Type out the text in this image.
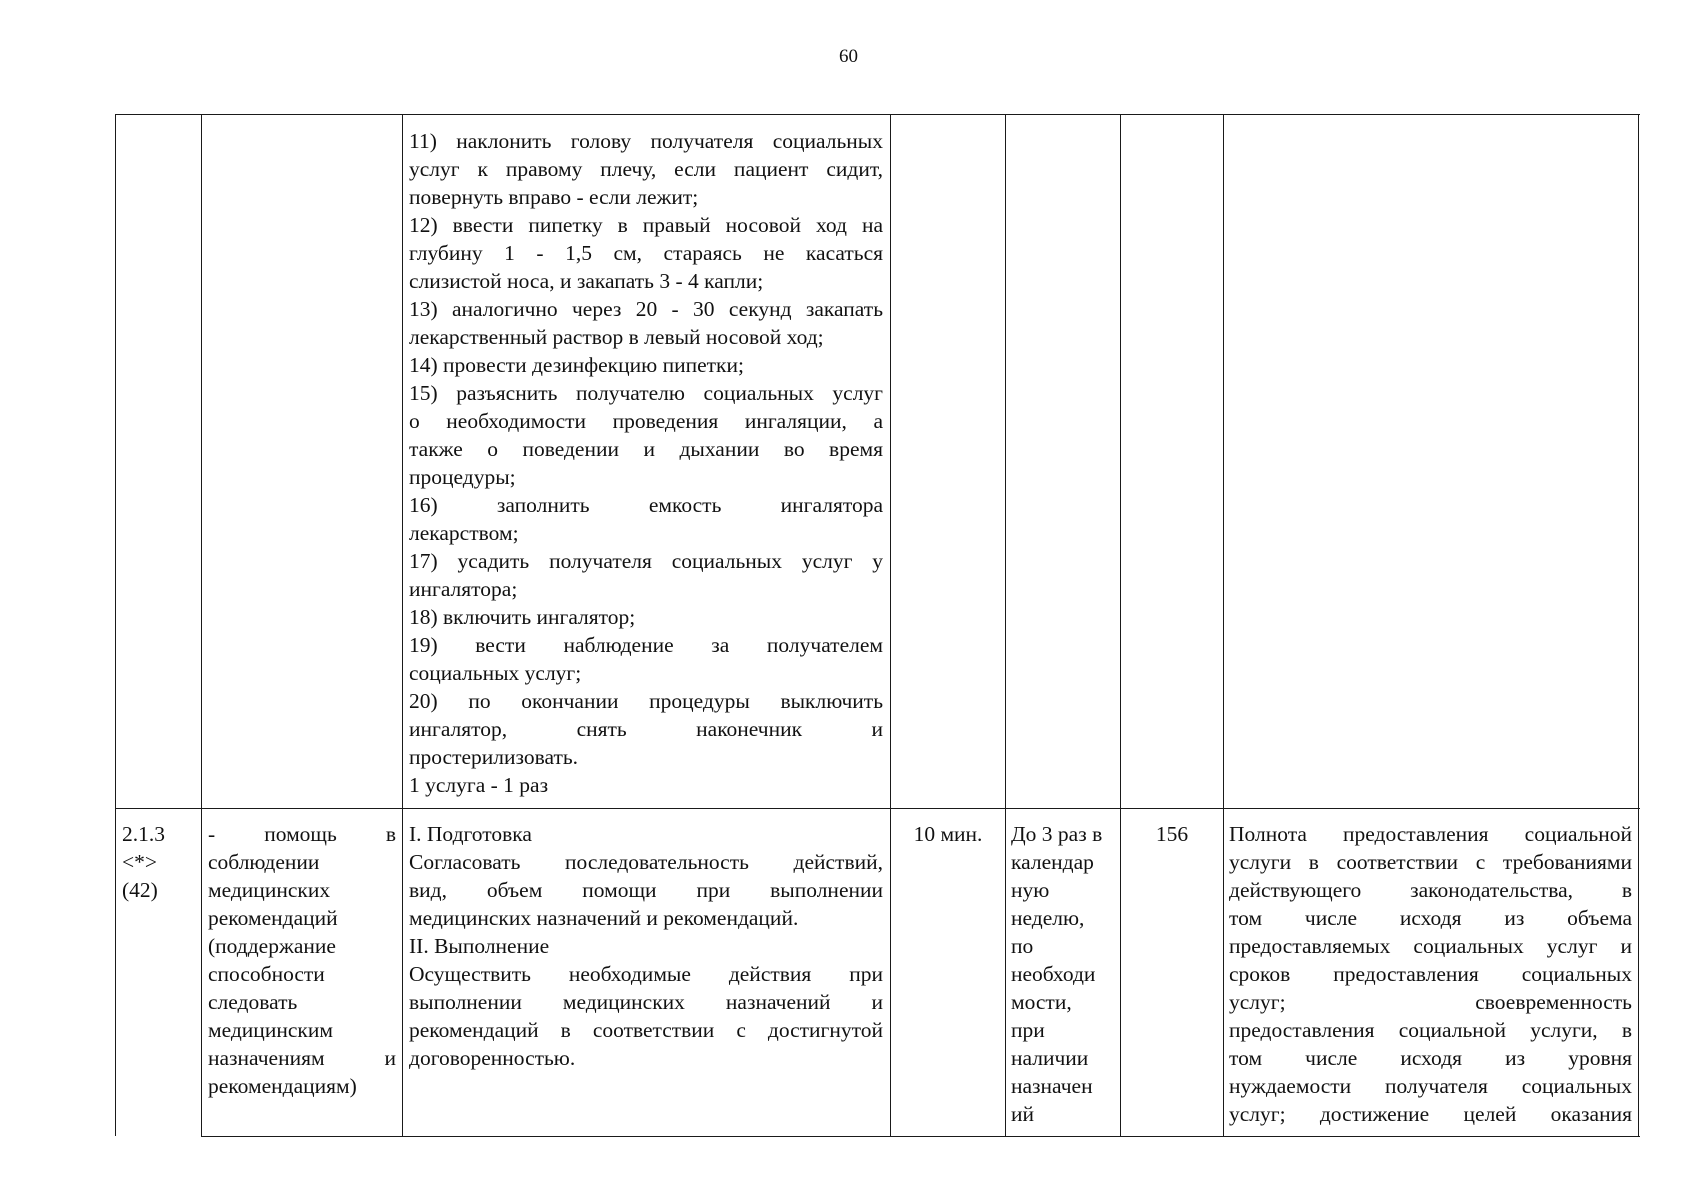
60
11) наклонить голову получателя социальных
услуг к правому плечу, если пациент сидит,
повернуть вправо - если лежит;
12) ввести пипетку в правый носовой ход на
глубину 1 - 1,5 см, стараясь не касаться
слизистой носа, и закапать 3 - 4 капли;
13) аналогично через 20 - 30 секунд закапать
лекарственный раствор в левый носовой ход;
14) провести дезинфекцию пипетки;
15) разъяснить получателю социальных услуг
о необходимости проведения ингаляции, а
также о поведении и дыхании во время
процедуры;
16) заполнить емкость ингалятора
лекарством;
17) усадить получателя социальных услуг у
ингалятора;
18) включить ингалятор;
19) вести наблюдение за получателем
социальных услуг;
20) по окончании процедуры выключить
ингалятор, снять наконечник и
простерилизовать.
1 услуга - 1 раз
2.1.3
<*>
(42)
- помощь в
соблюдении
медицинских
рекомендаций
(поддержание
способности
следовать
медицинским
назначениям и
рекомендациям)
I. Подготовка
Согласовать последовательность действий,
вид, объем помощи при выполнении
медицинских назначений и рекомендаций.
II. Выполнение
Осуществить необходимые действия при
выполнении медицинских назначений и
рекомендаций в соответствии с достигнутой
договоренностью.
10 мин.	До 3 раз в
календар
ную
неделю,
по
необходи
мости,
при
наличии
назначен
ий
156	Полнота предоставления социальной
услуги в соответствии с требованиями
действующего законодательства, в
том числе исходя из объема
предоставляемых социальных услуг и
сроков предоставления социальных
услуг; своевременность
предоставления социальной услуги, в
том числе исходя из уровня
нуждаемости получателя социальных
услуг; достижение целей оказания
